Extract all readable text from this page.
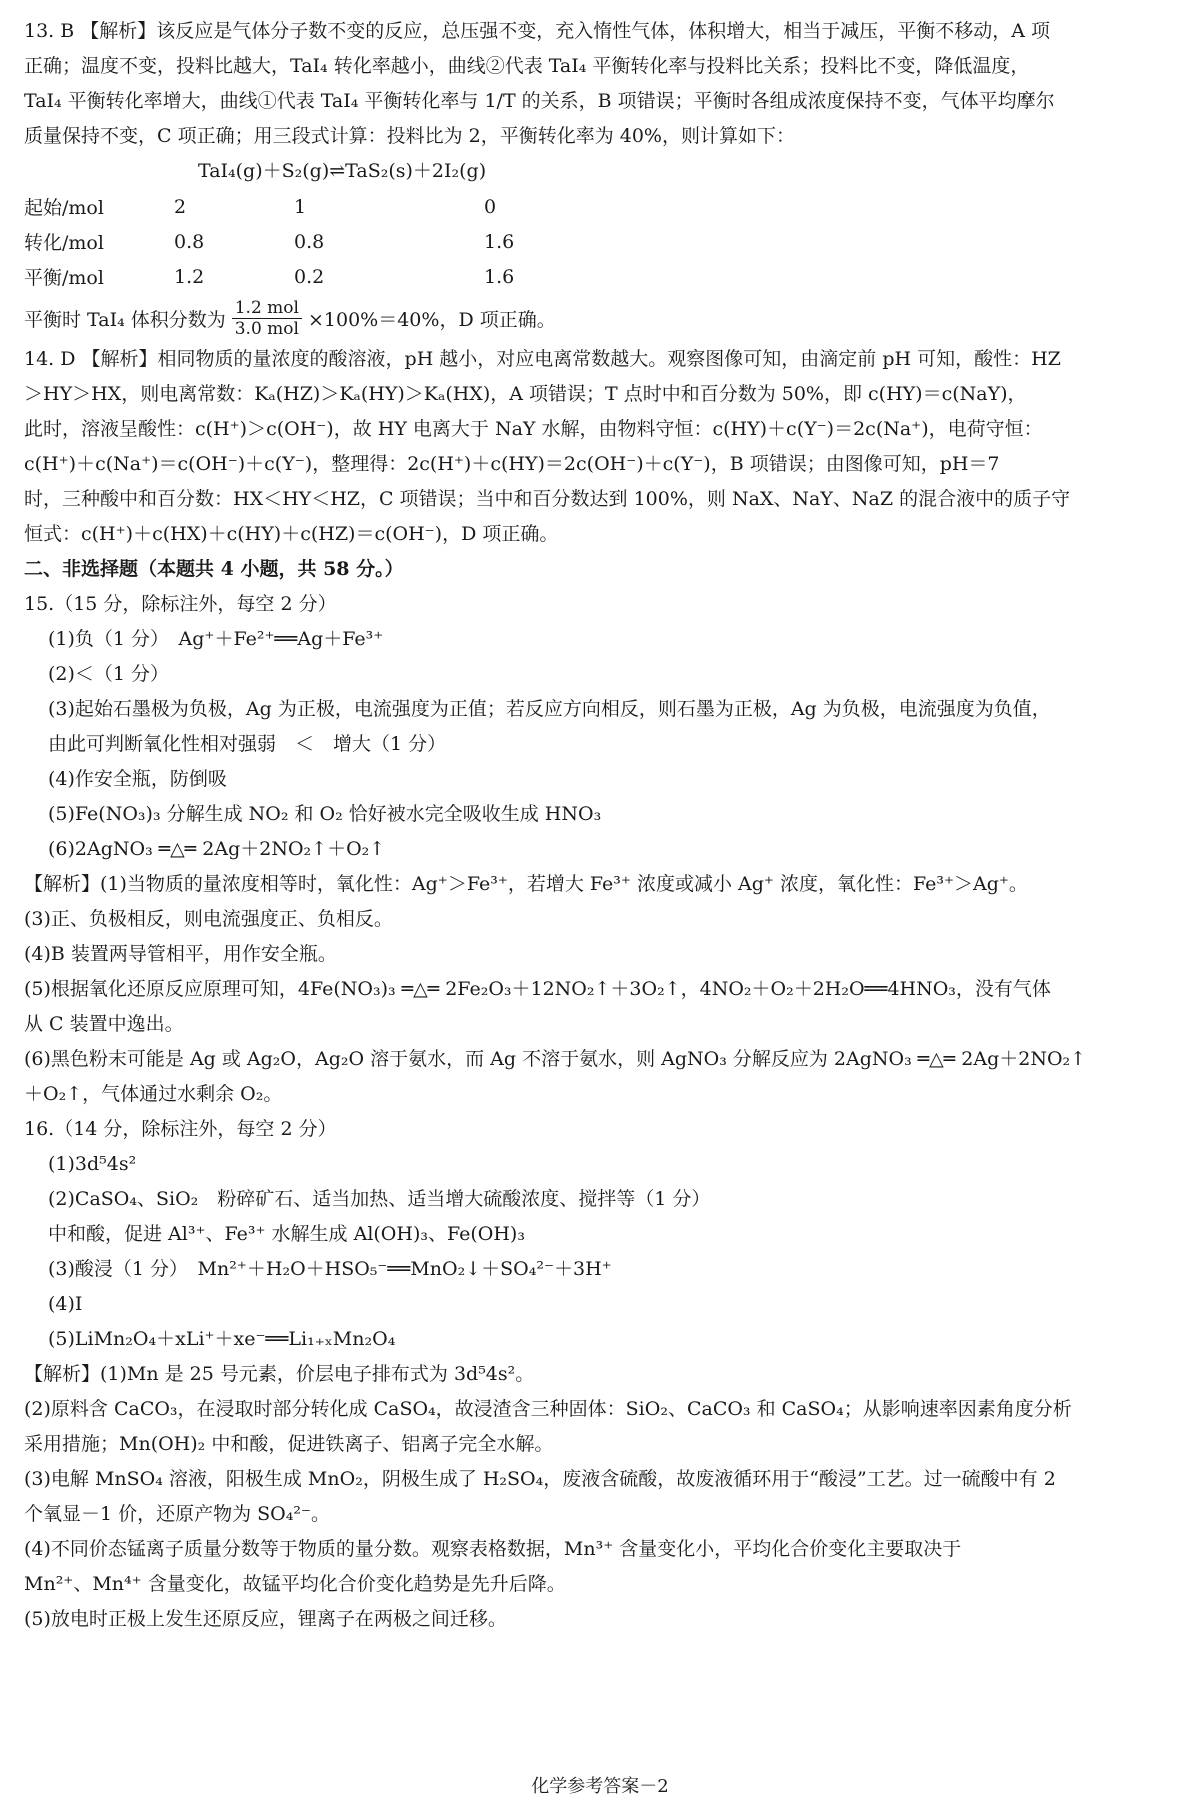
13. B 【解析】该反应是气体分子数不变的反应，总压强不变，充入惰性气体，体积增大，相当于减压，平衡不移动，A 项
正确；温度不变，投料比越大，TaI₄ 转化率越小，曲线②代表 TaI₄ 平衡转化率与投料比关系；投料比不变，降低温度，
TaI₄ 平衡转化率增大，曲线①代表 TaI₄ 平衡转化率与 1/T 的关系，B 项错误；平衡时各组成浓度保持不变，气体平均摩尔
质量保持不变，C 项正确；用三段式计算：投料比为 2，平衡转化率为 40%，则计算如下：
TaI₄(g)＋S₂(g)⇌TaS₂(s)＋2I₂(g)
起始/mol	2	1	0
转化/mol	0.8	0.8	1.6
平衡/mol	1.2	0.2	1.6
平衡时 TaI₄ 体积分数为 $\frac{\text{1.2 mol}}{\text{3.0 mol}} \times 100\%=40\%$，D 项正确。
14. D 【解析】相同物质的量浓度的酸溶液，pH 越小，对应电离常数越大。观察图像可知，由滴定前 pH 可知，酸性：HZ
＞HY＞HX，则电离常数：Kₐ(HZ)＞Kₐ(HY)＞Kₐ(HX)，A 项错误；T 点时中和百分数为 50%，即 c(HY)＝c(NaY)，
此时，溶液呈酸性：c(H⁺)＞c(OH⁻)，故 HY 电离大于 NaY 水解，由物料守恒：c(HY)＋c(Y⁻)＝2c(Na⁺)，电荷守恒：
c(H⁺)＋c(Na⁺)＝c(OH⁻)＋c(Y⁻)，整理得：2c(H⁺)＋c(HY)＝2c(OH⁻)＋c(Y⁻)，B 项错误；由图像可知，pH＝7
时，三种酸中和百分数：HX＜HY＜HZ，C 项错误；当中和百分数达到 100%，则 NaX、NaY、NaZ 的混合液中的质子守
恒式：c(H⁺)＋c(HX)＋c(HY)＋c(HZ)＝c(OH⁻)，D 项正确。
二、非选择题（本题共 4 小题，共 58 分。）
15.（15 分，除标注外，每空 2 分）
(1)负（1 分）　Ag⁺＋Fe²⁺══Ag＋Fe³⁺
(2)＜（1 分）
(3)起始石墨极为负极，Ag 为正极，电流强度为正值；若反应方向相反，则石墨为正极，Ag 为负极，电流强度为负值，
由此可判断氧化性相对强弱　＜　增大（1 分）
(4)作安全瓶，防倒吸
(5)Fe(NO₃)₃ 分解生成 NO₂ 和 O₂ 恰好被水完全吸收生成 HNO₃
(6)2AgNO₃ ═△═ 2Ag＋2NO₂↑＋O₂↑
【解析】(1)当物质的量浓度相等时，氧化性：Ag⁺＞Fe³⁺，若增大 Fe³⁺ 浓度或减小 Ag⁺ 浓度，氧化性：Fe³⁺＞Ag⁺。
(3)正、负极相反，则电流强度正、负相反。
(4)B 装置两导管相平，用作安全瓶。
(5)根据氧化还原反应原理可知，4Fe(NO₃)₃ ═△═ 2Fe₂O₃＋12NO₂↑＋3O₂↑，4NO₂＋O₂＋2H₂O══4HNO₃，没有气体
从 C 装置中逸出。
(6)黑色粉末可能是 Ag 或 Ag₂O，Ag₂O 溶于氨水，而 Ag 不溶于氨水，则 AgNO₃ 分解反应为 2AgNO₃ ═△═ 2Ag＋2NO₂↑
＋O₂↑，气体通过水剩余 O₂。
16.（14 分，除标注外，每空 2 分）
(1)3d⁵4s²
(2)CaSO₄、SiO₂　粉碎矿石、适当加热、适当增大硫酸浓度、搅拌等（1 分）
中和酸，促进 Al³⁺、Fe³⁺ 水解生成 Al(OH)₃、Fe(OH)₃
(3)酸浸（1 分）　Mn²⁺＋H₂O＋HSO₅⁻══MnO₂↓＋SO₄²⁻＋3H⁺
(4)Ⅰ
(5)LiMn₂O₄＋xLi⁺＋xe⁻══Li₁₊ₓMn₂O₄
【解析】(1)Mn 是 25 号元素，价层电子排布式为 3d⁵4s²。
(2)原料含 CaCO₃，在浸取时部分转化成 CaSO₄，故浸渣含三种固体：SiO₂、CaCO₃ 和 CaSO₄；从影响速率因素角度分析
采用措施；Mn(OH)₂ 中和酸，促进铁离子、铝离子完全水解。
(3)电解 MnSO₄ 溶液，阳极生成 MnO₂，阴极生成了 H₂SO₄，废液含硫酸，故废液循环用于“酸浸”工艺。过一硫酸中有 2
个氧显－1 价，还原产物为 SO₄²⁻。
(4)不同价态锰离子质量分数等于物质的量分数。观察表格数据，Mn³⁺ 含量变化小，平均化合价变化主要取决于
Mn²⁺、Mn⁴⁺ 含量变化，故锰平均化合价变化趋势是先升后降。
(5)放电时正极上发生还原反应，锂离子在两极之间迁移。
化学参考答案－2
